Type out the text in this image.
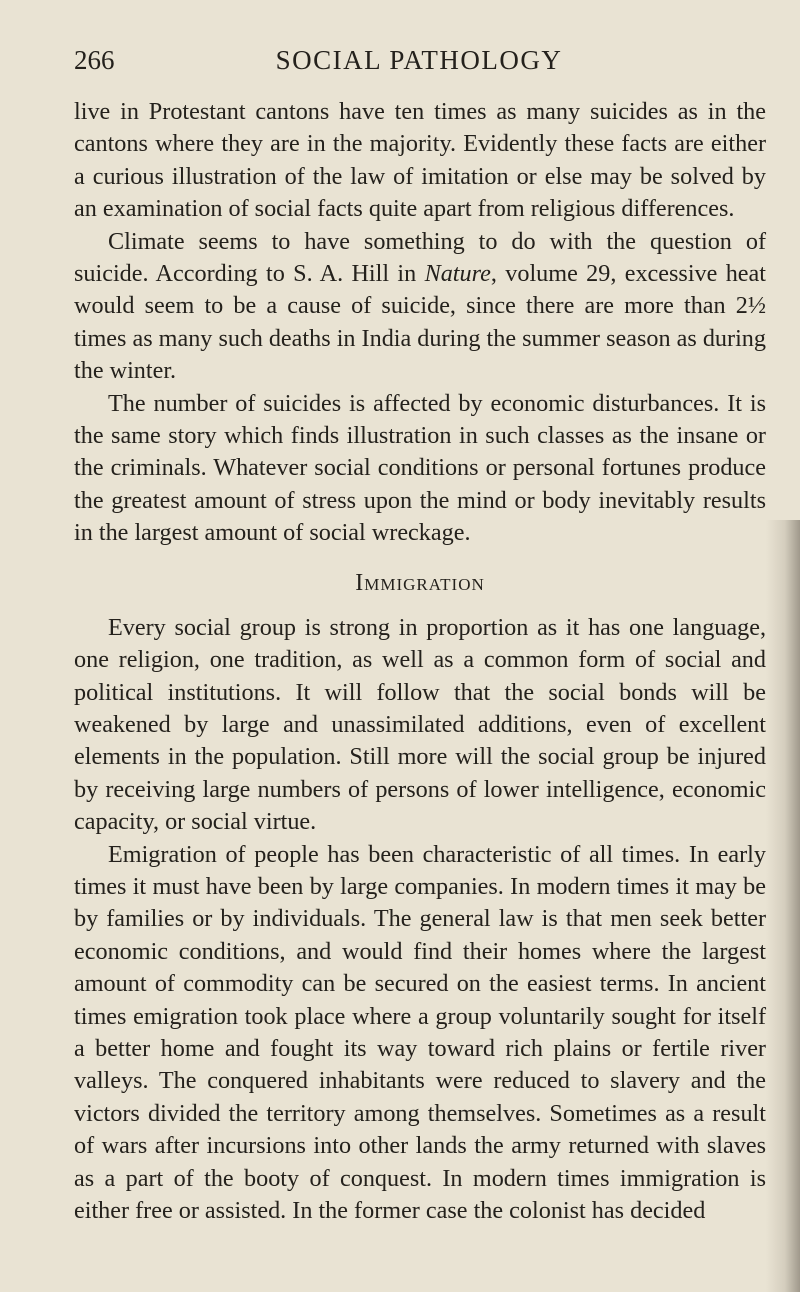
266	SOCIAL PATHOLOGY

live in Protestant cantons have ten times as many suicides as in the cantons where they are in the majority. Evidently these facts are either a curious illustration of the law of imitation or else may be solved by an examination of social facts quite apart from religious differences.

Climate seems to have something to do with the question of suicide. According to S. A. Hill in Nature, volume 29, excessive heat would seem to be a cause of suicide, since there are more than 2½ times as many such deaths in India during the summer season as during the winter.

The number of suicides is affected by economic disturbances. It is the same story which finds illustration in such classes as the insane or the criminals. Whatever social conditions or personal fortunes produce the greatest amount of stress upon the mind or body inevitably results in the largest amount of social wreckage.

Immigration

Every social group is strong in proportion as it has one language, one religion, one tradition, as well as a common form of social and political institutions. It will follow that the social bonds will be weakened by large and unassimilated additions, even of excellent elements in the population. Still more will the social group be injured by receiving large numbers of persons of lower intelligence, economic capacity, or social virtue.

Emigration of people has been characteristic of all times. In early times it must have been by large companies. In modern times it may be by families or by individuals. The general law is that men seek better economic conditions, and would find their homes where the largest amount of commodity can be secured on the easiest terms. In ancient times emigration took place where a group voluntarily sought for itself a better home and fought its way toward rich plains or fertile river valleys. The conquered inhabitants were reduced to slavery and the victors divided the territory among themselves. Sometimes as a result of wars after incursions into other lands the army returned with slaves as a part of the booty of conquest. In modern times immigration is either free or assisted. In the former case the colonist has decided
